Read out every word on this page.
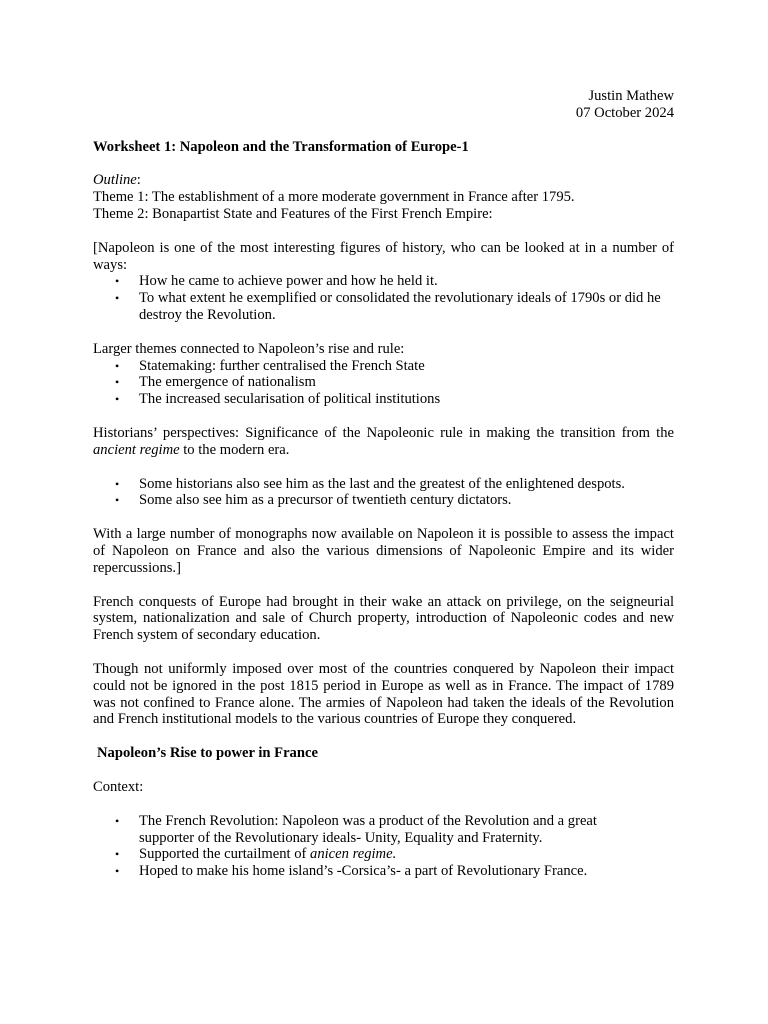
Justin Mathew
07 October 2024
Worksheet 1: Napoleon and the Transformation of Europe-1
Outline:
Theme 1: The establishment of a more moderate government in France after 1795.
Theme 2: Bonapartist State and Features of the First French Empire:
[Napoleon is one of the most interesting figures of history, who can be looked at in a number of ways:
• How he came to achieve power and how he held it.
• To what extent he exemplified or consolidated the revolutionary ideals of 1790s or did he destroy the Revolution.
Larger themes connected to Napoleon’s rise and rule:
• Statemaking: further centralised the French State
• The emergence of nationalism
• The increased secularisation of political institutions
Historians’ perspectives: Significance of the Napoleonic rule in making the transition from the ancient regime to the modern era.
• Some historians also see him as the last and the greatest of the enlightened despots.
• Some also see him as a precursor of twentieth century dictators.
With a large number of monographs now available on Napoleon it is possible to assess the impact of Napoleon on France and also the various dimensions of Napoleonic Empire and its wider repercussions.]
French conquests of Europe had brought in their wake an attack on privilege, on the seigneurial system, nationalization and sale of Church property, introduction of Napoleonic codes and new French system of secondary education.
Though not uniformly imposed over most of the countries conquered by Napoleon their impact could not be ignored in the post 1815 period in Europe as well as in France. The impact of 1789 was not confined to France alone. The armies of Napoleon had taken the ideals of the Revolution and French institutional models to the various countries of Europe they conquered.
Napoleon’s Rise to power in France
Context:
• The French Revolution: Napoleon was a product of the Revolution and a great supporter of the Revolutionary ideals- Unity, Equality and Fraternity.
• Supported the curtailment of anicen regime.
• Hoped to make his home island’s -Corsica’s- a part of Revolutionary France.
